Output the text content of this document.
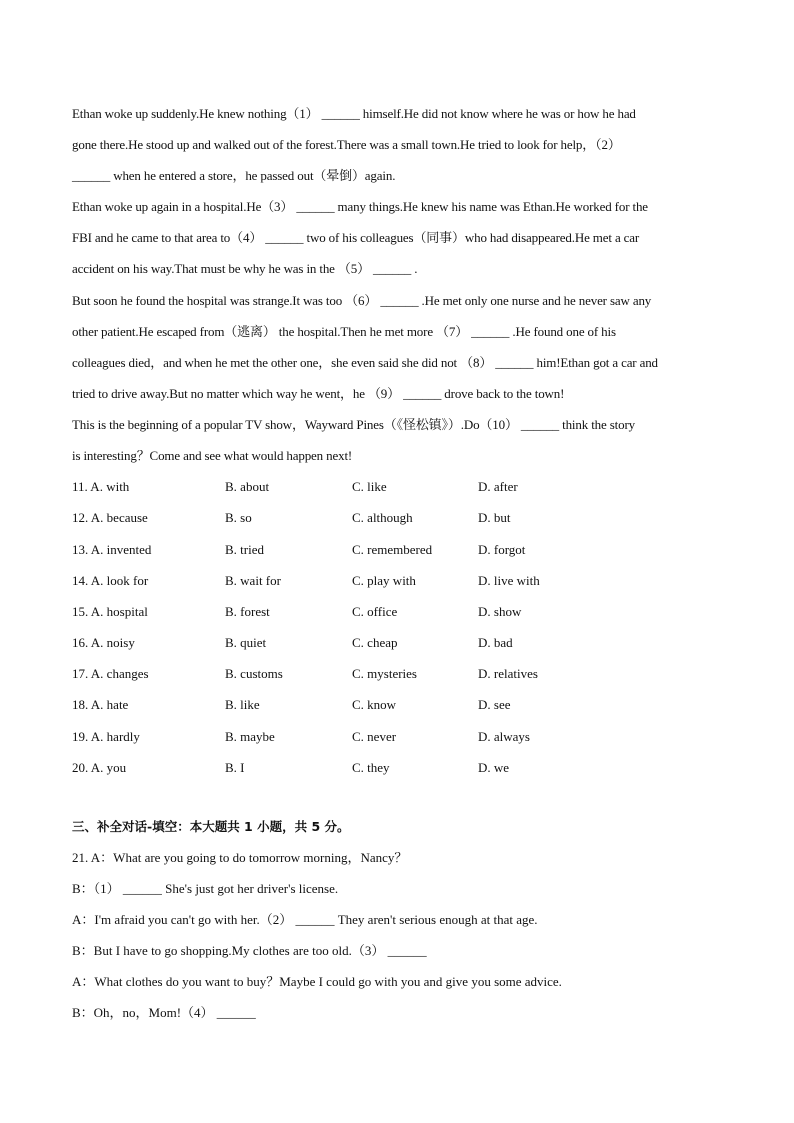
Ethan woke up suddenly.He knew nothing（1） ______ himself.He did not know where he was or how he had
gone there.He stood up and walked out of the forest.There was a small town.He tried to look for help，（2）
______ when he entered a store，he passed out（晕倒）again.
Ethan woke up again in a hospital.He（3） ______ many things.He knew his name was Ethan.He worked for the
FBI and he came to that area to（4） ______ two of his colleagues（同事）who had disappeared.He met a car
accident on his way.That must be why he was in the （5） ______ .
But soon he found the hospital was strange.It was too （6） ______ .He met only one nurse and he never saw any
other patient.He escaped from（逃离） the hospital.Then he met more （7） ______ .He found one of his
colleagues died，and when he met the other one，she even said she did not （8） ______ him!Ethan got a car and
tried to drive away.But no matter which way he went，he （9） ______ drove back to the town!
This is the beginning of a popular TV show，Wayward Pines（《怪松镇》）.Do（10） ______ think the story
is interesting？Come and see what would happen next!
11. A. with	B. about	C. like	D. after
12. A. because	B. so	C. although	D. but
13. A. invented	B. tried	C. remembered	D. forgot
14. A. look for	B. wait for	C. play with	D. live with
15. A. hospital	B. forest	C. office	D. show
16. A. noisy	B. quiet	C. cheap	D. bad
17. A. changes	B. customs	C. mysteries	D. relatives
18. A. hate	B. like	C. know	D. see
19. A. hardly	B. maybe	C. never	D. always
20. A. you	B. I	C. they	D. we
三、补全对话-填空：本大题共 1 小题，共 5 分。
21. A：What are you going to do tomorrow morning，Nancy？
B：（1） ______ She's just got her driver's license.
A：I'm afraid you can't go with her.（2） ______ They aren't serious enough at that age.
B：But I have to go shopping.My clothes are too old.（3） ______
A：What clothes do you want to buy？Maybe I could go with you and give you some advice.
B：Oh，no，Mom!（4） ______
